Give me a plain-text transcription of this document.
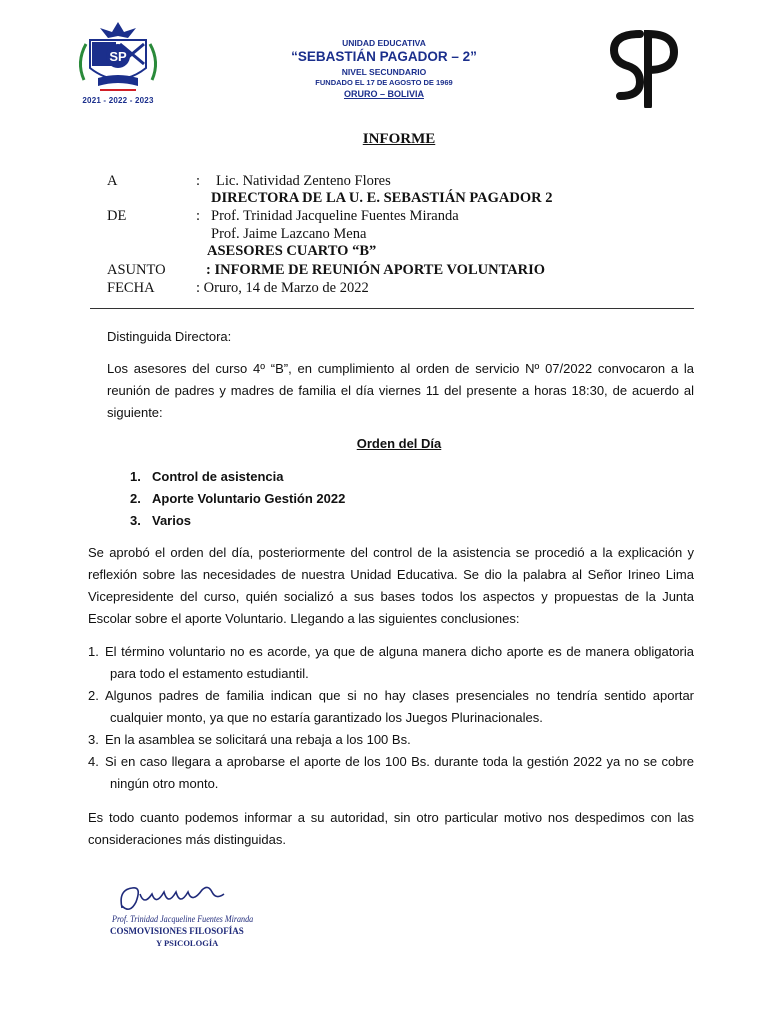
SP
2021 - 2022 - 2023
UNIDAD EDUCATIVA
“SEBASTIÁN PAGADOR – 2”
NIVEL SECUNDARIO
FUNDADO EL 17 DE AGOSTO DE 1969
ORURO – BOLIVIA
INFORME
A	: Lic. Natividad Zenteno Flores
DIRECTORA DE LA U. E. SEBASTIÁN PAGADOR 2
DE	: Prof. Trinidad Jacqueline Fuentes Miranda
Prof. Jaime Lazcano Mena
ASESORES CUARTO “B”
ASUNTO	: INFORME DE REUNIÓN APORTE VOLUNTARIO
FECHA	: Oruro, 14 de Marzo de 2022
Distinguida Directora:
Los asesores del curso 4º “B”, en cumplimiento al orden de servicio Nº 07/2022 convocaron a la reunión de padres y madres de familia el día viernes 11 del presente a horas 18:30, de acuerdo al siguiente:
Orden del Día
1. Control de asistencia
2. Aporte Voluntario Gestión 2022
3. Varios
Se aprobó el orden del día, posteriormente del control de la asistencia se procedió a la explicación y reflexión sobre las necesidades de nuestra Unidad Educativa. Se dio la palabra al Señor Irineo Lima Vicepresidente del curso, quién socializó a sus bases todos los aspectos y propuestas de la Junta Escolar sobre el aporte Voluntario. Llegando a las siguientes conclusiones:
1. El término voluntario no es acorde, ya que de alguna manera dicho aporte es de manera obligatoria para todo el estamento estudiantil.
2. Algunos padres de familia indican que si no hay clases presenciales no tendría sentido aportar cualquier monto, ya que no estaría garantizado los Juegos Plurinacionales.
3. En la asamblea se solicitará una rebaja a los 100 Bs.
4. Si en caso llegara a aprobarse el aporte de los 100 Bs. durante toda la gestión 2022 ya no se cobre ningún otro monto.
Es todo cuanto podemos informar a su autoridad, sin otro particular motivo nos despedimos con las consideraciones más distinguidas.
Prof. Trinidad Jacqueline Fuentes Miranda
COSMOVISIONES FILOSOFÍAS
Y PSICOLOGÍA
